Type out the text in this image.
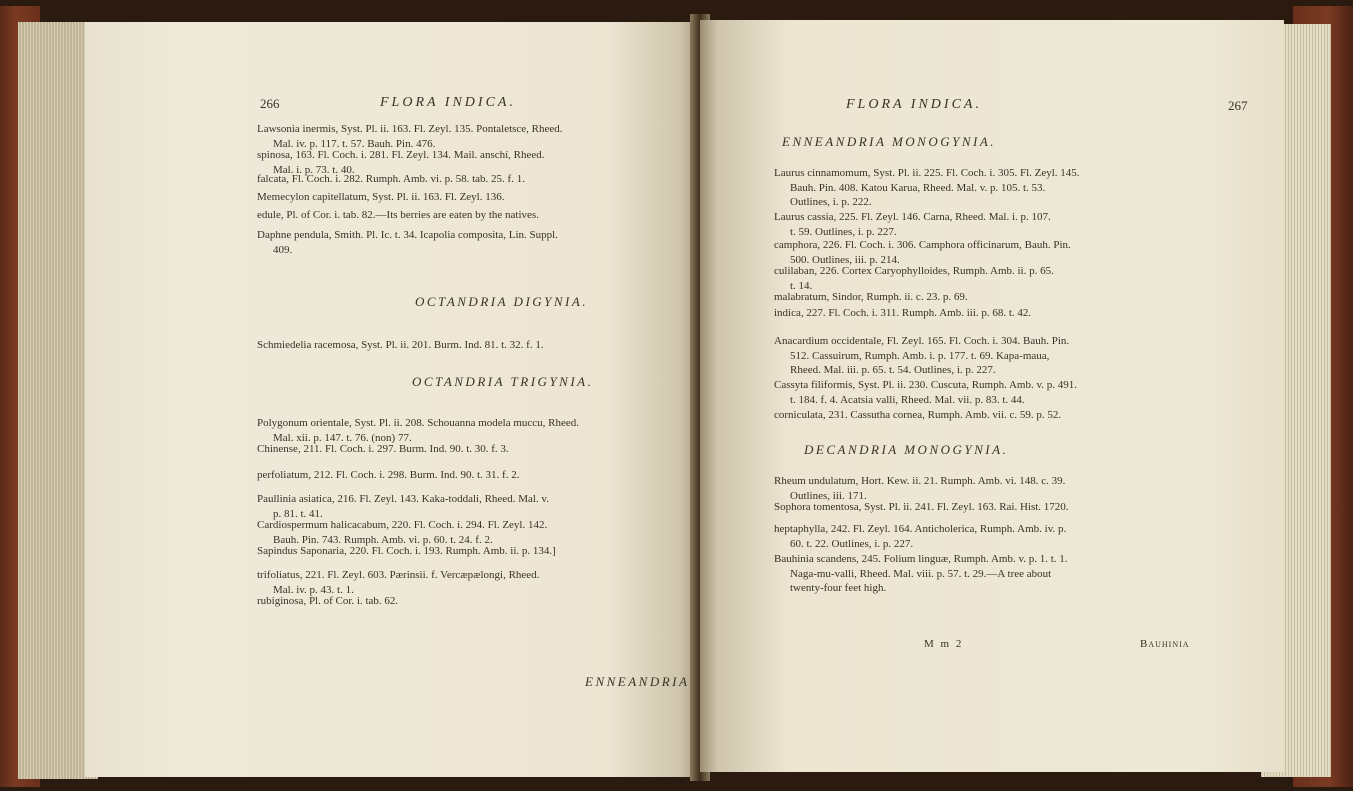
266	FLORA INDICA.
Lawsonia inermis, Syst. Pl. ii. 163. Fl. Zeyl. 135. Pontaletsce, Rheed.
Mal. iv. p. 117. t. 57. Bauh. Pin. 476.
spinosa, 163. Fl. Coch. i. 281. Fl. Zeyl. 134. Mail. anschí, Rheed.
Mal. i. p. 73. t. 40.
falcata, Fl. Coch. i. 282. Rumph. Amb. vi. p. 58. tab. 25. f. 1.
Memecylon capitellatum, Syst. Pl. ii. 163. Fl. Zeyl. 136.
edule, Pl. of Cor. i. tab. 82.—Its berries are eaten by the natives.
Daphne pendula, Smith. Pl. Ic. t. 34. Icapolia composita, Lin. Suppl.
409.
OCTANDRIA DIGYNIA.
Schmiedelia racemosa, Syst. Pl. ii. 201. Burm. Ind. 81. t. 32. f. 1.
OCTANDRIA TRIGYNIA.
Polygonum orientale, Syst. Pl. ii. 208. Schouanna modela muccu, Rheed.
Mal. xii. p. 147. t. 76. (non) 77.
Chinense, 211. Fl. Coch. i. 297. Burm. Ind. 90. t. 30. f. 3.
perfoliatum, 212. Fl. Coch. i. 298. Burm. Ind. 90. t. 31. f. 2.
Paullinia asiatica, 216. Fl. Zeyl. 143. Kaka-toddali, Rheed. Mal. v.
p. 81. t. 41.
Cardiospermum halicacabum, 220. Fl. Coch. i. 294. Fl. Zeyl. 142.
Bauh. Pin. 743. Rumph. Amb. vi. p. 60. t. 24. f. 2.
Sapindus Saponaria, 220. Fl. Coch. i. 193. Rumph. Amb. ii. p. 134.]
trifoliatus, 221. Fl. Zeyl. 603. Pærinsii. f. Vercæpælongi, Rheed.
Mal. iv. p. 43. t. 1.
rubiginosa, Pl. of Cor. i. tab. 62.
ENNEANDRIA
FLORA INDICA.	267
ENNEANDRIA MONOGYNIA.
Laurus cinnamomum, Syst. Pl. ii. 225. Fl. Coch. i. 305. Fl. Zeyl. 145.
Bauh. Pin. 408. Katou Karua, Rheed. Mal. v. p. 105. t. 53.
Outlines, i. p. 222.
Laurus cassia, 225. Fl. Zeyl. 146. Carna, Rheed. Mal. i. p. 107.
t. 59. Outlines, i. p. 227.
camphora, 226. Fl. Coch. i. 306. Camphora officinarum, Bauh. Pin.
500. Outlines, iii. p. 214.
culilaban, 226. Cortex Caryophylloides, Rumph. Amb. ii. p. 65.
t. 14.
malabratum, Sindor, Rumph. ii. c. 23. p. 69.
indica, 227. Fl. Coch. i. 311. Rumph. Amb. iii. p. 68. t. 42.
Anacardium occidentale, Fl. Zeyl. 165. Fl. Coch. i. 304. Bauh. Pin.
512. Cassuirum, Rumph. Amb. i. p. 177. t. 69. Kapa-maua,
Rheed. Mal. iii. p. 65. t. 54. Outlines, i. p. 227.
Cassyta filiformis, Syst. Pl. ii. 230. Cuscuta, Rumph. Amb. v. p. 491.
t. 184. f. 4. Acatsia valli, Rheed. Mal. vii. p. 83. t. 44.
corniculata, 231. Cassutha cornea, Rumph. Amb. vii. c. 59. p. 52.
DECANDRIA MONOGYNIA.
Rheum undulatum, Hort. Kew. ii. 21. Rumph. Amb. vi. 148. c. 39.
Outlines, iii. 171.
Sophora tomentosa, Syst. Pl. ii. 241. Fl. Zeyl. 163. Rai. Hist. 1720.
heptaphylla, 242. Fl. Zeyl. 164. Anticholerica, Rumph. Amb. iv. p.
60. t. 22. Outlines, i. p. 227.
Bauhinia scandens, 245. Folium linguæ, Rumph. Amb. v. p. 1. t. 1.
Naga-mu-valli, Rheed. Mal. viii. p. 57. t. 29.—A tree about
twenty-four feet high.
M m 2	Bauhinia
